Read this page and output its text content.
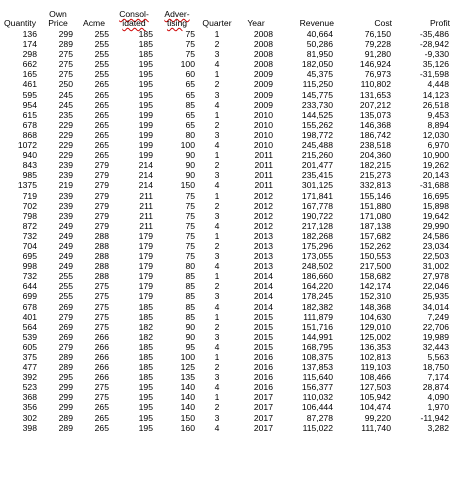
Quantity	Own Price	Acme	Consol-idated	Adver-tising	Quarter	Year	Revenue	Cost	Profit
136	299	255	185	75	1	2008	40,664	76,150	-35,486
174	289	255	185	75	2	2008	50,286	79,228	-28,942
298	275	255	185	75	3	2008	81,950	91,280	-9,330
662	275	255	195	100	4	2008	182,050	146,924	35,126
165	275	255	195	60	1	2009	45,375	76,973	-31,598
461	250	265	195	65	2	2009	115,250	110,802	4,448
595	245	265	195	65	3	2009	145,775	131,653	14,123
954	245	265	195	85	4	2009	233,730	207,212	26,518
615	235	265	199	65	1	2010	144,525	135,073	9,453
678	229	265	199	65	2	2010	155,262	146,368	8,894
868	229	265	199	80	3	2010	198,772	186,742	12,030
1072	229	265	199	100	4	2010	245,488	238,518	6,970
940	229	265	199	90	1	2011	215,260	204,360	10,900
843	239	279	214	90	2	2011	201,477	182,215	19,262
985	239	279	214	90	3	2011	235,415	215,273	20,143
1375	219	279	214	150	4	2011	301,125	332,813	-31,688
719	239	279	211	75	1	2012	171,841	155,146	16,695
702	239	279	211	75	2	2012	167,778	151,880	15,898
798	239	279	211	75	3	2012	190,722	171,080	19,642
872	249	279	211	75	4	2012	217,128	187,138	29,990
732	249	288	179	75	1	2013	182,268	157,682	24,586
704	249	288	179	75	2	2013	175,296	152,262	23,034
695	249	288	179	75	3	2013	173,055	150,553	22,503
998	249	288	179	80	4	2013	248,502	217,500	31,002
732	255	288	179	85	1	2014	186,660	158,682	27,978
644	255	275	179	85	2	2014	164,220	142,174	22,046
699	255	275	179	85	3	2014	178,245	152,310	25,935
678	269	275	185	85	4	2014	182,382	148,368	34,014
401	279	275	185	85	1	2015	111,879	104,630	7,249
564	269	275	182	90	2	2015	151,716	129,010	22,706
539	269	266	182	90	3	2015	144,991	125,002	19,989
605	279	266	185	95	4	2015	168,795	136,353	32,443
375	289	266	185	100	1	2016	108,375	102,813	5,563
477	289	266	185	125	2	2016	137,853	119,103	18,750
392	295	266	185	135	3	2016	115,640	108,466	7,174
523	299	275	195	140	4	2016	156,377	127,503	28,874
368	299	275	195	140	1	2017	110,032	105,942	4,090
356	299	265	195	140	2	2017	106,444	104,474	1,970
302	289	265	195	150	3	2017	87,278	99,220	-11,942
398	289	265	195	160	4	2017	115,022	111,740	3,282
